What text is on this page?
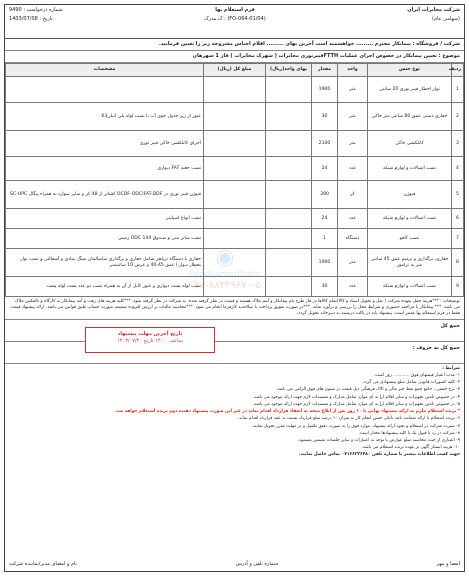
شرکت مخابرات ایران
(سهامی عام)
فرم استعلام بها
ک.مدرک : (FO-064-01/04)
شماره درخواست : 9490
تاریخ : 1403/07/08
شرکت / فروشگاه : پیمانکار محترم ......... خواهشمند است آخرین بهای ......... اقلام اجناس مشروحه زیر را تعیین فرمایید.
موضوع : تعیین پیمانکار در خصوص اجرای عملیات FTTHفیبرنوری مخابرات ( شهرک مخابرات ) فاز 1 سهرهان
ردیف	نوع جنس	واحد	مقدار	بهای واحد(ریال)	مبلغ کل (ریال)	مشخصات
1	نوار اخطار فیبر نوری 20 سانتی	متر	1900			
2	حفاری دستی عمق 80 سانتی متر خاکی	متر	30			عبور از زیر جدول جوی آب با نصب لوله پلی اتیلن63
3	کابلکشی خاکی	متر	2100			اجرای کابلکشی خاکی فیبر نوری
4	نصب اتصالات و لوازم شبکه	عدد	24			نصب جعبه FAT دیواری
5	فیوژن	کر	390			فیوژن فیبر نوری در OCDF-ODC/FAT-DDF کشاتر از 48 کر و سایر سوارد به همراه پیگال SC-UPC
6	نصب اتصالات و لوازم شبکه	عدد	24			نصب انواع اسپلیتر
7	نصب کافو	دستگاه	1			نصب ساتر بتنی و صندوق ODC 144 زمینی
8	حفاری، برگذاری و ترمیم عمق 45 سانتی متر به تراموز	متر	1900			حفاری با دستگاه تریلچر شامل حفاری و برگذاری ساسالمان سنگ بنیادی و آسفالتی و نصب نوار بخطار دیوار ا عمق 45-40 و عرض 10 سانتیمتر
9	نصب اتصالات و لوازم شبکه	عدد	30			نصب لوله پست دیواری و عبور کابل از آن به همراه نصب دو عدد بست لوله پست
توضیحات : ***هزینه حمل بعهده شرکت ( نقل و تحویل اسناد و کالا)تمام کالاها در فاز طرح نام پیمانکار و آیتم ملاک هستند و قیمت در نظر گرفته شده. به شرکت در نظر گرفته شود. ***کلیه هزینه های رفت و آمد پیمانکار به کارگاه و بالعکس ملاک می باشد. *** پیمانکار با مراجعه حضوری و شرایط محل را بررسی و برآورد نماید. ***در صورت تعویق پرداخت با صلاحدید کارفرما انجام می شود. ***محاسبه مالیات بر ارزش افزوده ضمیمه صورت حساب طبق قوانین می باشد. ارائه پیشنهاد قیمت فقط در فرم استعلام بها معتبر است، پیشنهاد باید در پاکت دربسته به دبیرخانه تحویل گردد.
جمع کل
جمع کل به حروف :
شرایط :
۱- مدت اعتبار قیمتهای فوق ............ روز است.
۲- کلیه کسورات قانونی شامل مبلغ پیشنهادی می گردد.
۳- نرخ جمعی ، جامع جمع نقط خیر مالی و الاک فرهنگی ذیل قیمت در ستون های فوق الزامی می باشد.
۴- در خصوص تامین تجهیزات و سایر اقلام اراِ به ای موارد شامل مدارک و مستندات لازم جهت ارائه موجود می باشد.
۵- در خصوص تامین تجهیزات و سایر اقلام اراِ به ای موارد شامل مدارک و مستندات لازم جهت ارائه موجود می باشد.
* برنده استعلام ملزم به ارائه پیشنهاد نهایی تا ۱۰ روز پس از ابلاغ نتیجه به انعقاد قرارداد اقدام نماید در غیر این صورت پیشنهاد دهنده دوم برنده استعلام خواهد شد.
۶- برنده استعلام با ارائه ضمانت نامه بانکی حسن انجام کار به میزان ۱۰ درصد مبلغ قرارداد نسبت به عقد قرارداد اقدام نماید.
۷- سپرده شرکت در استعلام و نحوه ارائه پیشنهاد، موارد فوق را به صورت دقیق تکمیل و در مهلت مقرر تحویل نمایند.
۸- شرکت در رد یا قبول یک یا کلیه پیشنهادها مختار است.
۹- اعتباری از حیث محاسبه مبلغ عوارض با توجه به اعتبارات و سایر جلسات تضمین نمیشود.
۱۰- هزینه انتشار آگهی بر عهده برنده استعلام می باشد.
جهت کسب اطلاعات بیشتر با شماره تلفن ۰۷۱۶۶۳۳۶۴۸۰ تماس حاصل نمایید.
تاریخ آخرین مهلت پیشنهاد
ساعت ۱۴:۰۰ تاریخ ۱۴۰۳/۰۷/۲۰
◉
ParsNamadData
۰۲۱-۸۸۳۴۹۶۷۰-۵
امضا و مهر
شماره تلفن و آدرس
نام و امضای مدیر/نماینده شرکت
